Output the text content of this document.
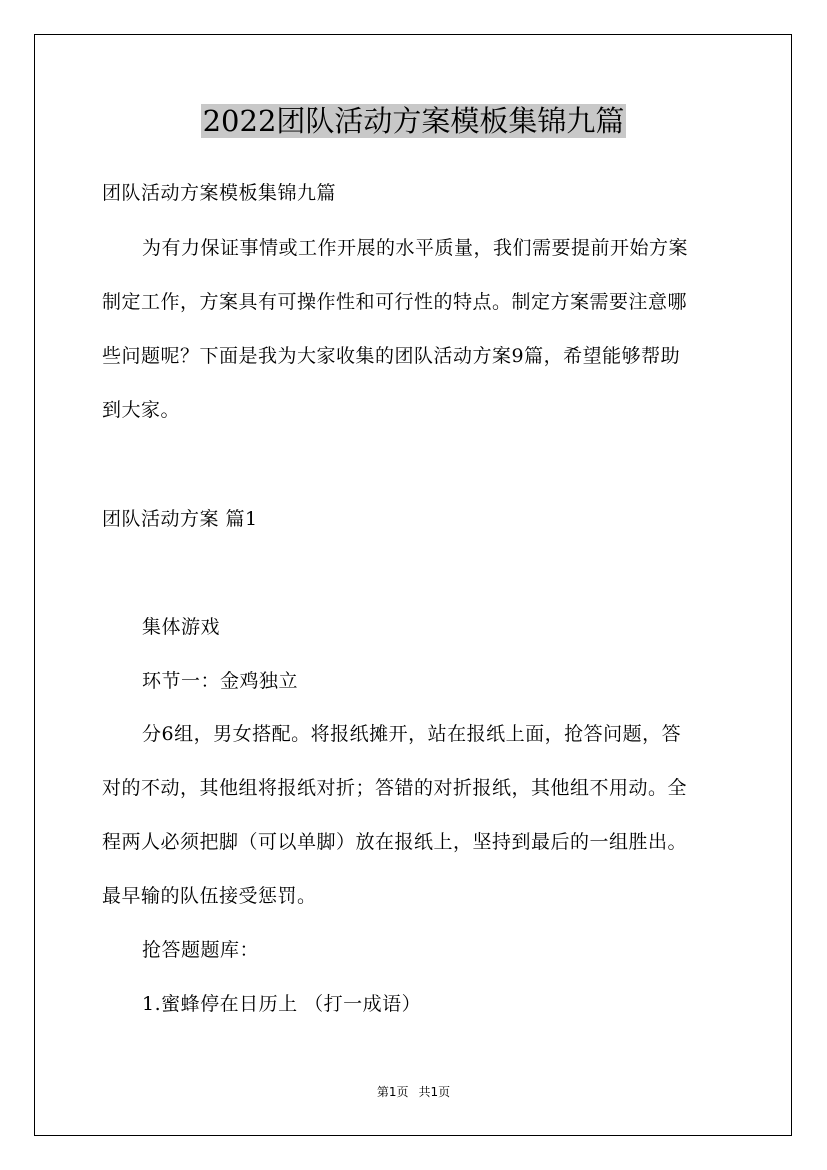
2022团队活动方案模板集锦九篇
团队活动方案模板集锦九篇
为有力保证事情或工作开展的水平质量，我们需要提前开始方案
制定工作，方案具有可操作性和可行性的特点。制定方案需要注意哪
些问题呢？下面是我为大家收集的团队活动方案9篇，希望能够帮助
到大家。
团队活动方案 篇1
集体游戏
环节一：金鸡独立
分6组，男女搭配。将报纸摊开，站在报纸上面，抢答问题，答
对的不动，其他组将报纸对折；答错的对折报纸，其他组不用动。全
程两人必须把脚（可以单脚）放在报纸上，坚持到最后的一组胜出。
最早输的队伍接受惩罚。
抢答题题库：
1.蜜蜂停在日历上 （打一成语）
第1页 共1页
